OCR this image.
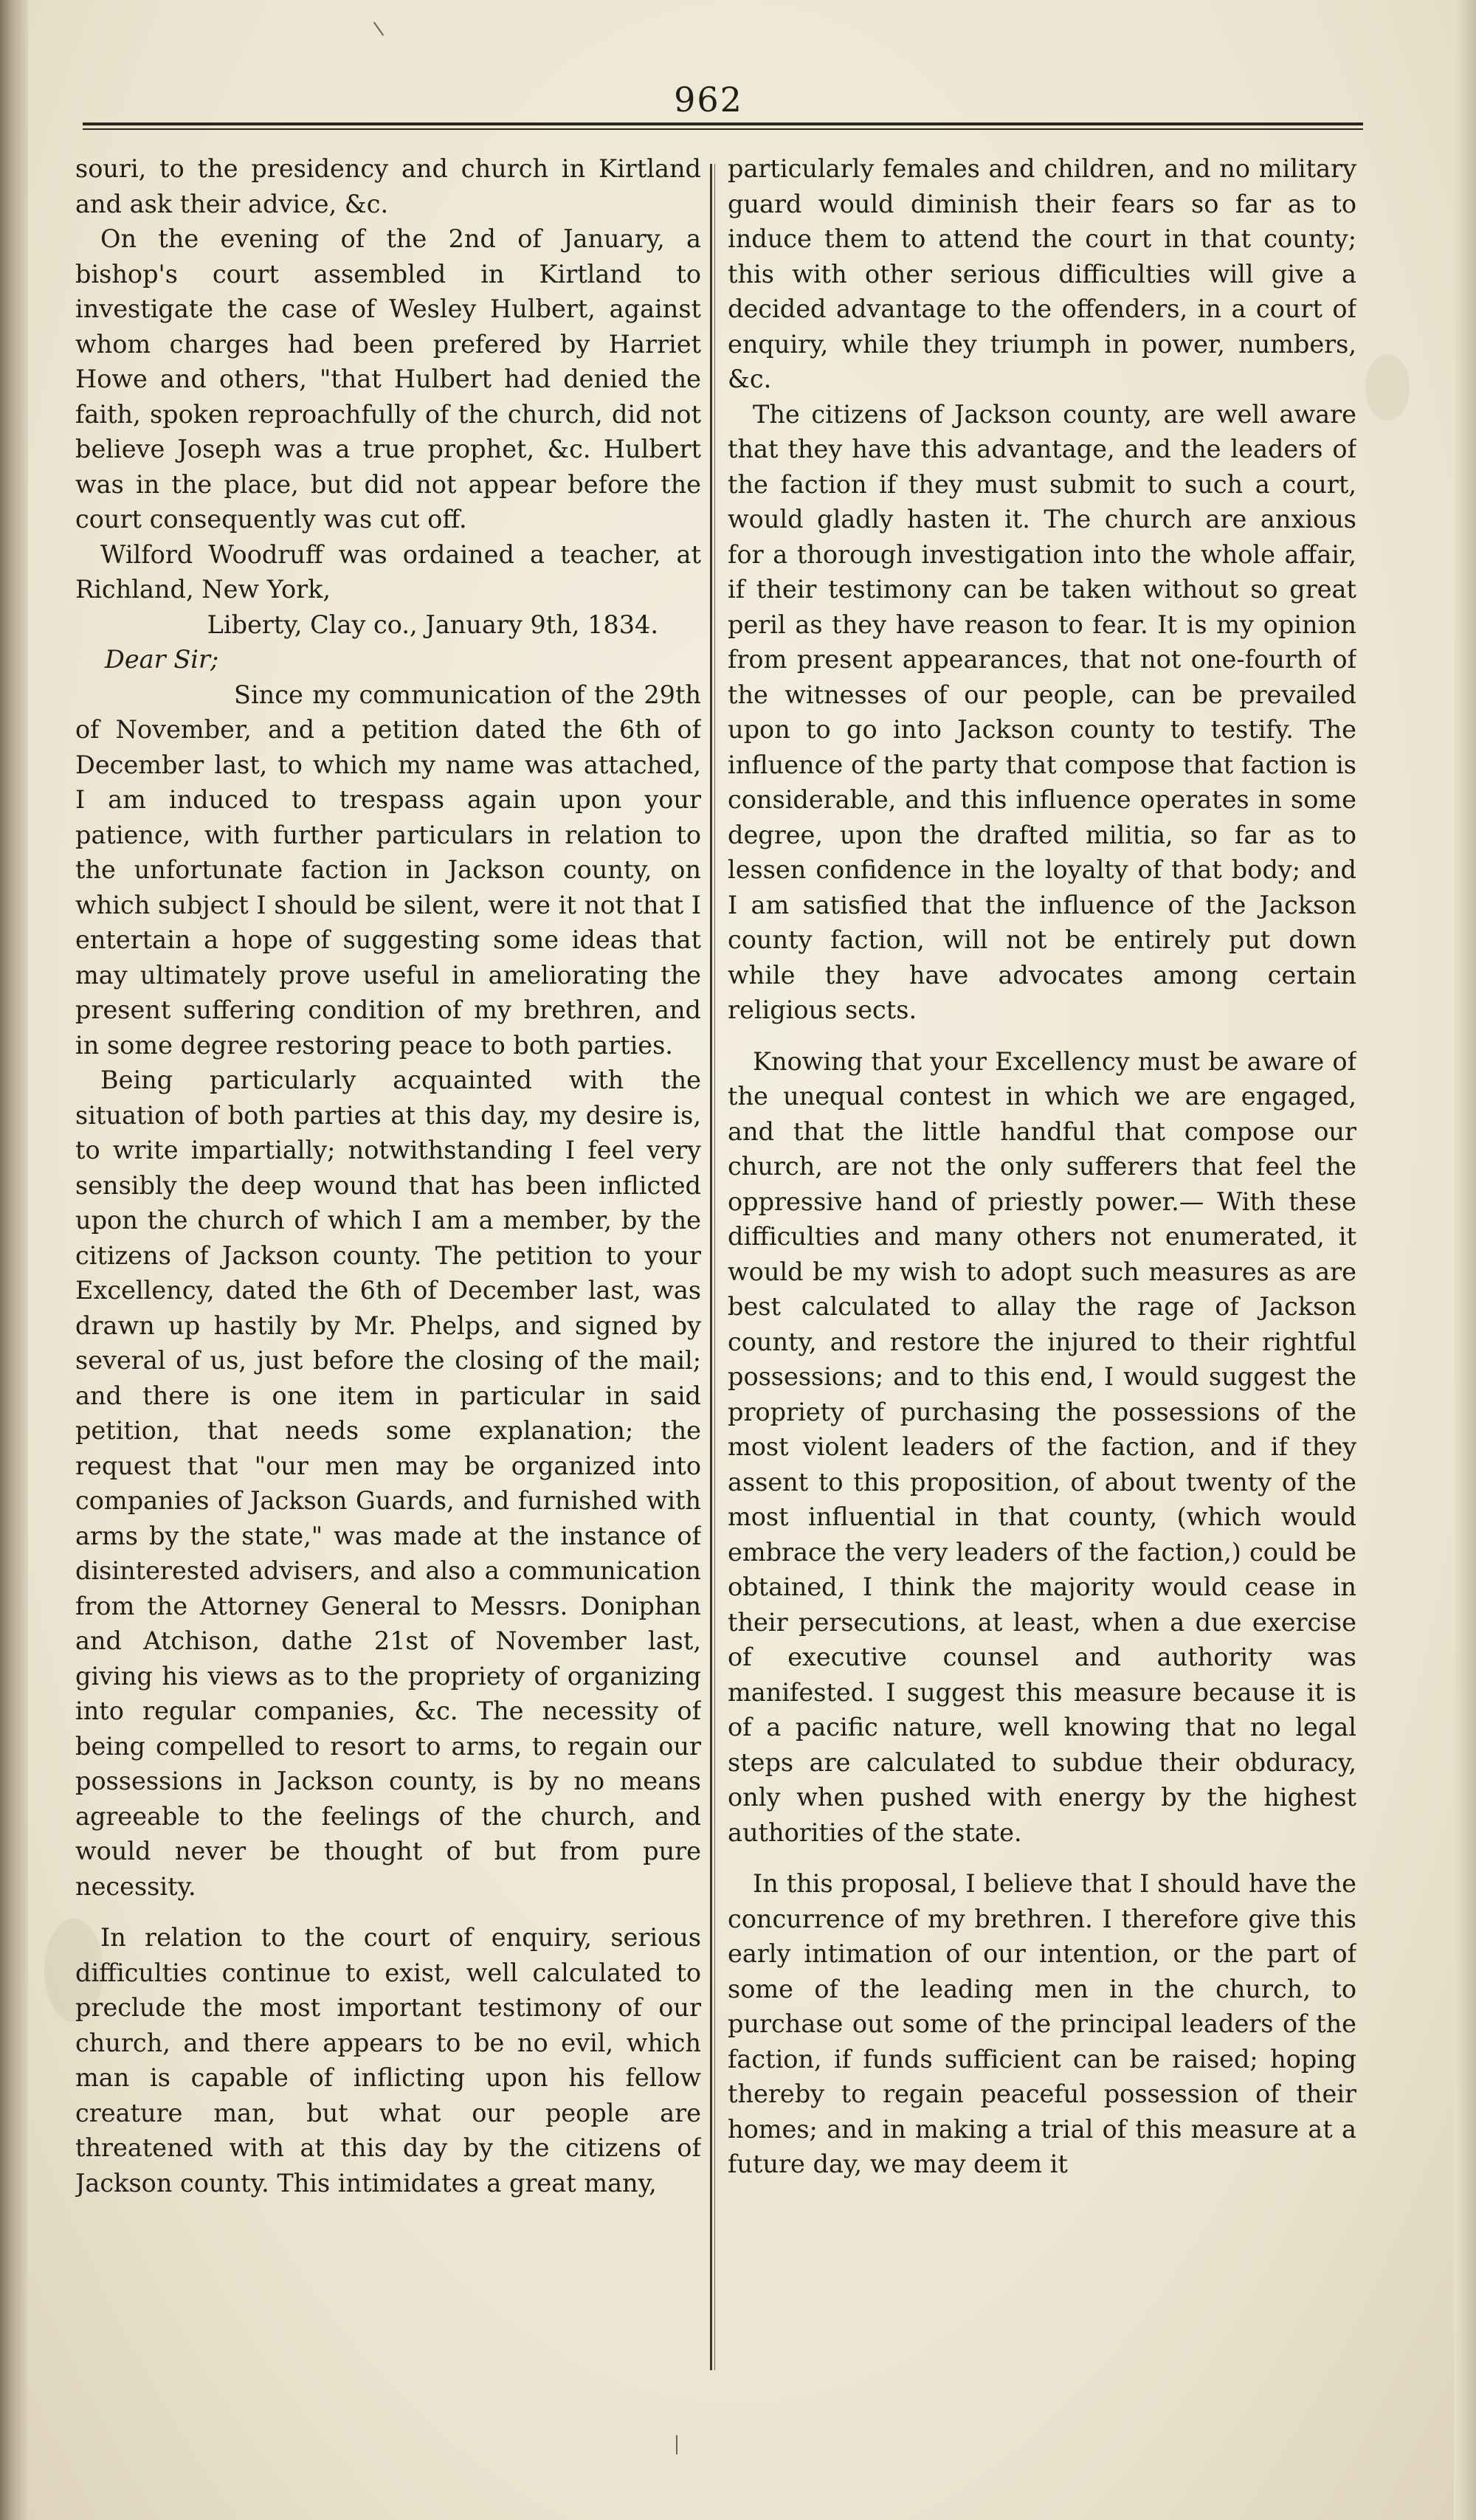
962

souri, to the presidency and church in Kirtland and ask their advice, &c.

On the evening of the 2nd of January, a bishop's court assembled in Kirtland to investigate the case of Wesley Hulbert, against whom charges had been prefered by Harriet Howe and others, "that Hulbert had denied the faith, spoken reproachfully of the church, did not believe Joseph was a true prophet, &c. Hulbert was in the place, but did not appear before the court consequently was cut off.

Wilford Woodruff was ordained a teacher, at Richland, New York,

Liberty, Clay co., January 9th, 1834.

Dear Sir;

Since my communication of the 29th of November, and a petition dated the 6th of December last, to which my name was attached, I am induced to trespass again upon your patience, with further particulars in relation to the unfortunate faction in Jackson county, on which subject I should be silent, were it not that I entertain a hope of suggesting some ideas that may ultimately prove useful in ameliorating the present suffering condition of my brethren, and in some degree restoring peace to both parties.

Being particularly acquainted with the situation of both parties at this day, my desire is, to write impartially; notwithstanding I feel very sensibly the deep wound that has been inflicted upon the church of which I am a member, by the citizens of Jackson county. The petition to your Excellency, dated the 6th of December last, was drawn up hastily by Mr. Phelps, and signed by several of us, just before the closing of the mail; and there is one item in particular in said petition, that needs some explanation; the request that "our men may be organized into companies of Jackson Guards, and furnished with arms by the state," was made at the instance of disinterested advisers, and also a communication from the Attorney General to Messrs. Doniphan and Atchison, dathe 21st of November last, giving his views as to the propriety of organizing into regular companies, &c. The necessity of being compelled to resort to arms, to regain our possessions in Jackson county, is by no means agreeable to the feelings of the church, and would never be thought of but from pure necessity.

In relation to the court of enquiry, serious difficulties continue to exist, well calculated to preclude the most important testimony of our church, and there appears to be no evil, which man is capable of inflicting upon his fellow creature man, but what our people are threatened with at this day by the citizens of Jackson county. This intimidates a great many,

particularly females and children, and no military guard would diminish their fears so far as to induce them to attend the court in that county; this with other serious difficulties will give a decided advantage to the offenders, in a court of enquiry, while they triumph in power, numbers, &c.

The citizens of Jackson county, are well aware that they have this advantage, and the leaders of the faction if they must submit to such a court, would gladly hasten it. The church are anxious for a thorough investigation into the whole affair, if their testimony can be taken without so great peril as they have reason to fear. It is my opinion from present appearances, that not one-fourth of the witnesses of our people, can be prevailed upon to go into Jackson county to testify. The influence of the party that compose that faction is considerable, and this influence operates in some degree, upon the drafted militia, so far as to lessen confidence in the loyalty of that body; and I am satisfied that the influence of the Jackson county faction, will not be entirely put down while they have advocates among certain religious sects.

Knowing that your Excellency must be aware of the unequal contest in which we are engaged, and that the little handful that compose our church, are not the only sufferers that feel the oppressive hand of priestly power.— With these difficulties and many others not enumerated, it would be my wish to adopt such measures as are best calculated to allay the rage of Jackson county, and restore the injured to their rightful possessions; and to this end, I would suggest the propriety of purchasing the possessions of the most violent leaders of the faction, and if they assent to this proposition, of about twenty of the most influential in that county, (which would embrace the very leaders of the faction,) could be obtained, I think the majority would cease in their persecutions, at least, when a due exercise of executive counsel and authority was manifested. I suggest this measure because it is of a pacific nature, well knowing that no legal steps are calculated to subdue their obduracy, only when pushed with energy by the highest authorities of the state.

In this proposal, I believe that I should have the concurrence of my brethren. I therefore give this early intimation of our intention, or the part of some of the leading men in the church, to purchase out some of the principal leaders of the faction, if funds sufficient can be raised; hoping thereby to regain peaceful possession of their homes; and in making a trial of this measure at a future day, we may deem it
